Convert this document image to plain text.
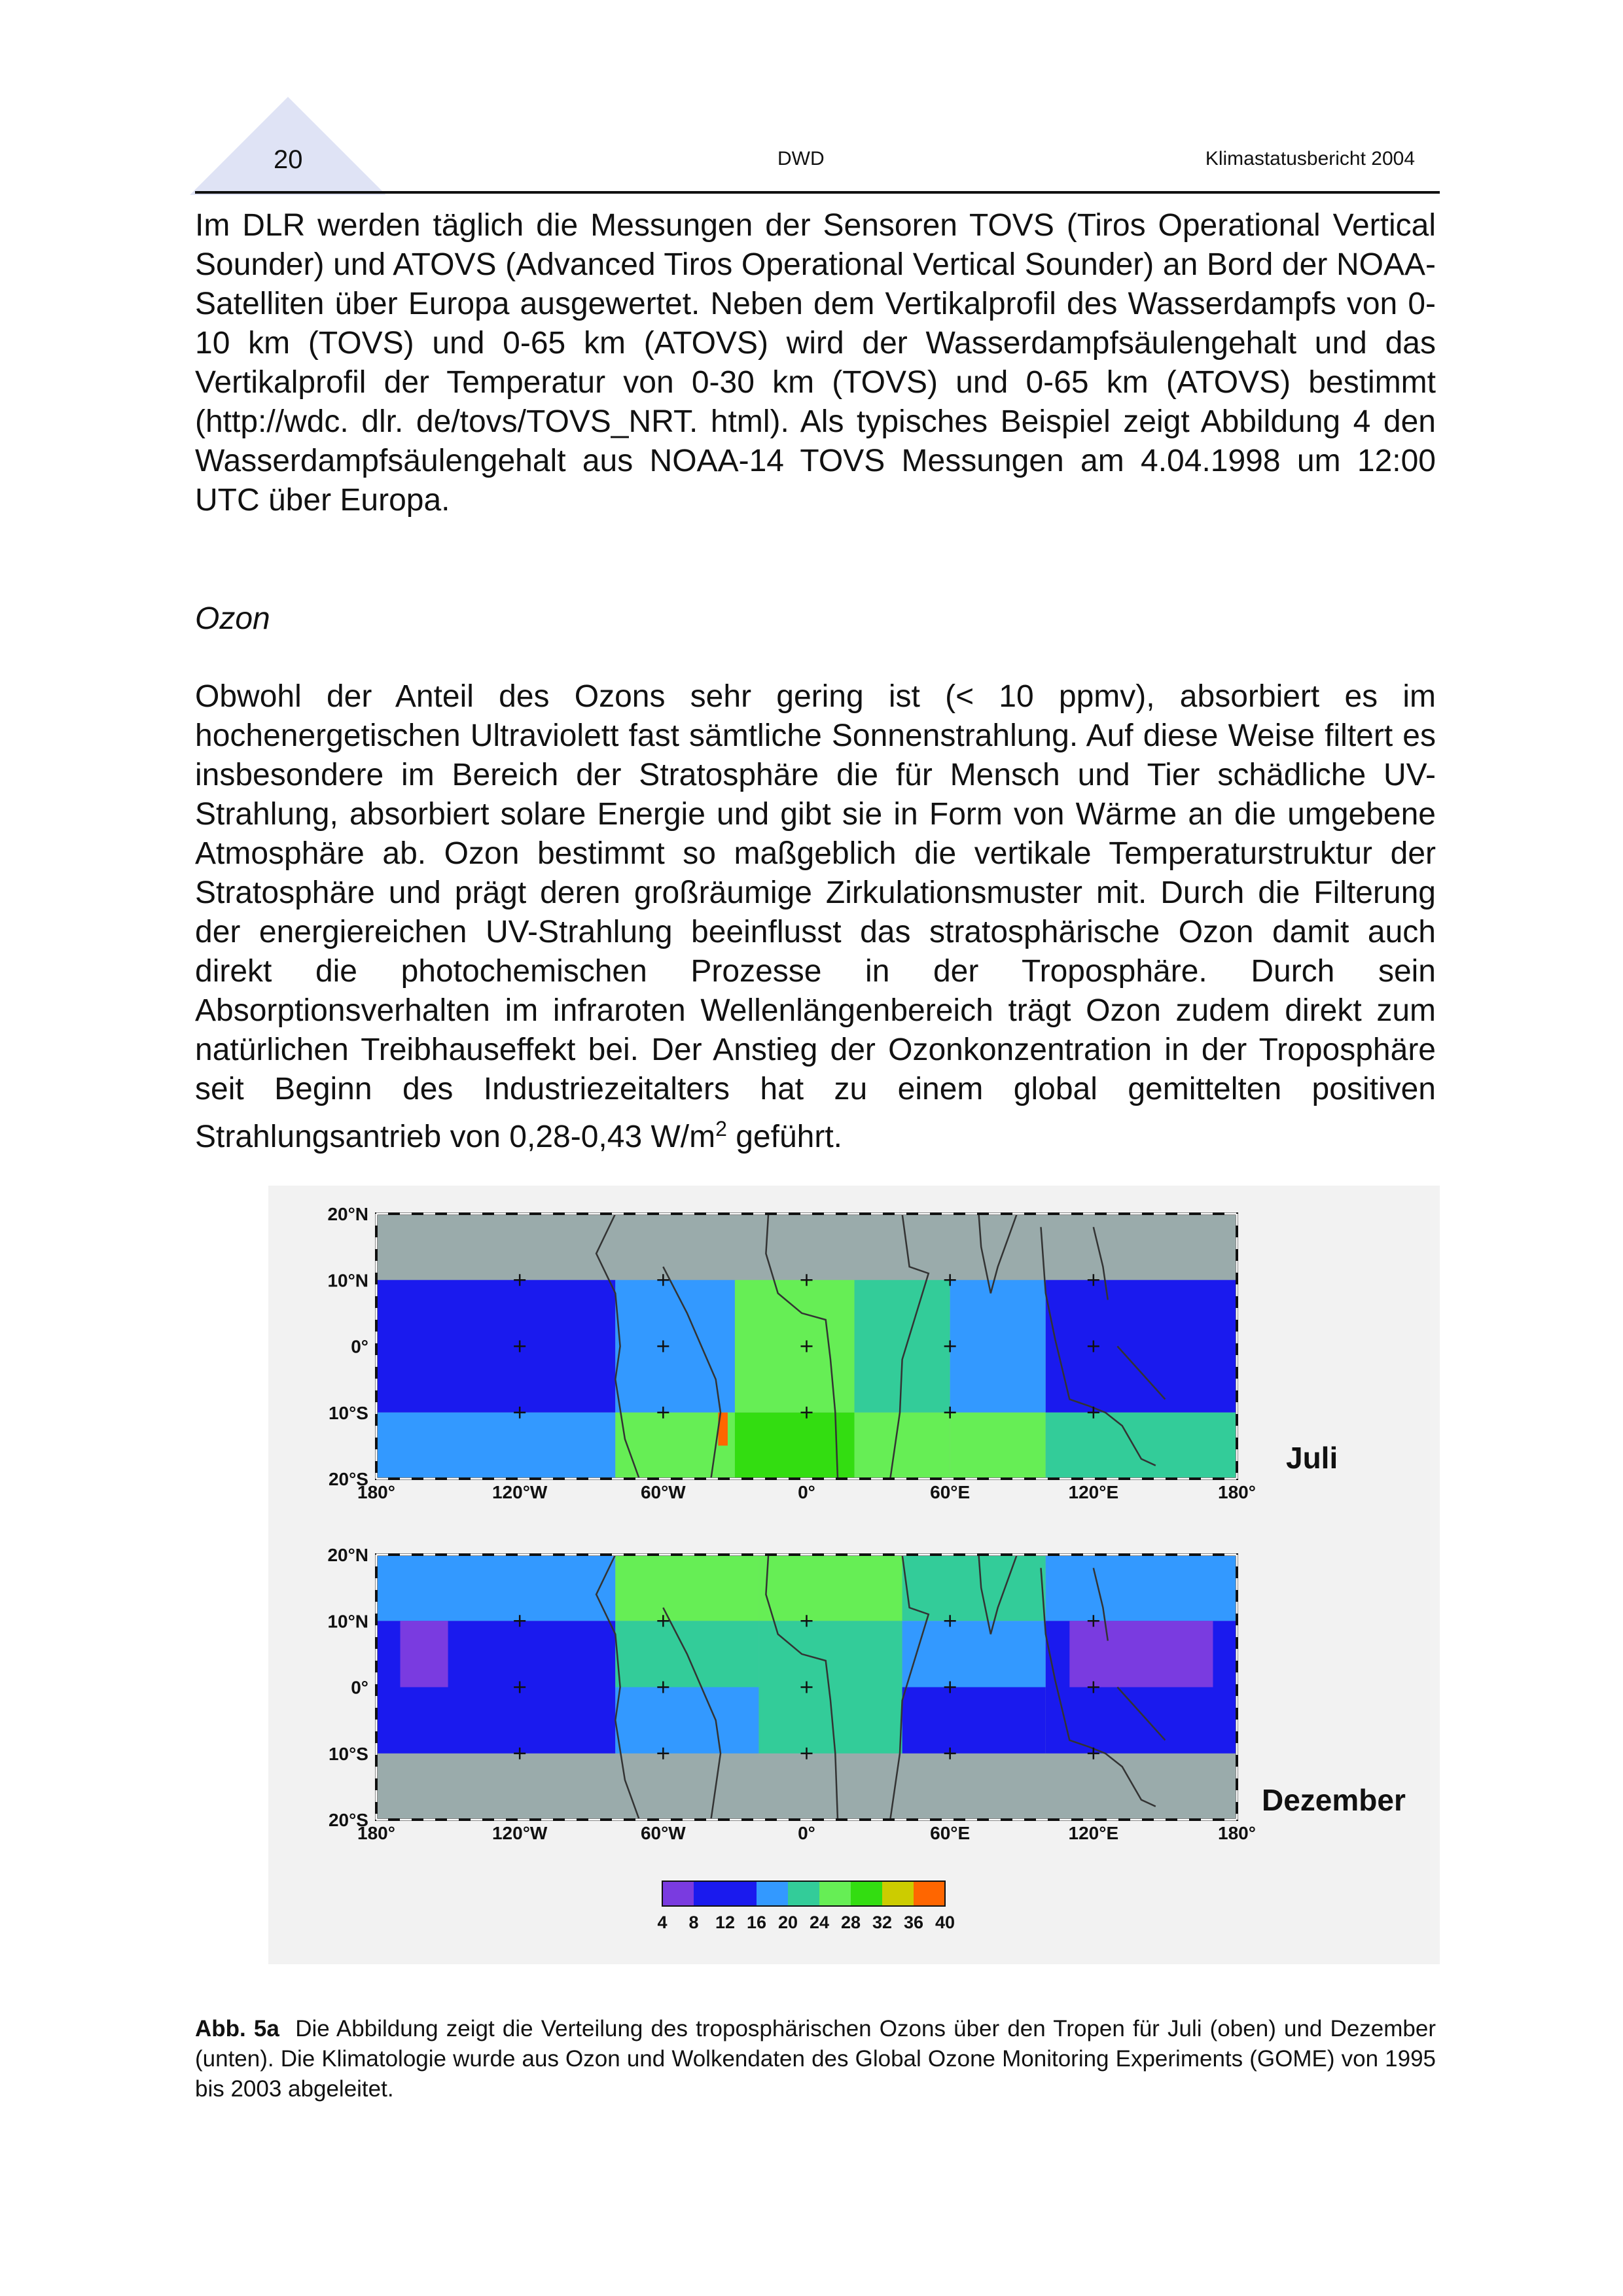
20	DWD	Klimastatusbericht 2004

Im DLR werden täglich die Messungen der Sensoren TOVS (Tiros Operational Vertical Sounder) und ATOVS (Advanced Tiros Operational Vertical Sounder) an Bord der NOAA-Satelliten über Europa ausgewertet. Neben dem Vertikalprofil des Wasserdampfs von 0-10 km (TOVS) und 0-65 km (ATOVS) wird der Wasserdampfsäulengehalt und das Vertikalprofil der Temperatur von 0-30 km (TOVS) und 0-65 km (ATOVS) bestimmt (http://wdc. dlr. de/tovs/TOVS_NRT. html). Als typisches Beispiel zeigt Abbildung 4 den Wasserdampfsäulengehalt aus NOAA-14 TOVS Messungen am 4.04.1998 um 12:00 UTC über Europa.

Ozon

Obwohl der Anteil des Ozons sehr gering ist (< 10 ppmv), absorbiert es im hochenergetischen Ultraviolett fast sämtliche Sonnenstrahlung. Auf diese Weise filtert es insbesondere im Bereich der Stratosphäre die für Mensch und Tier schädliche UV-Strahlung, absorbiert solare Energie und gibt sie in Form von Wärme an die umgebene Atmosphäre ab. Ozon bestimmt so maßgeblich die vertikale Temperaturstruktur der Stratosphäre und prägt deren großräumige Zirkulationsmuster mit. Durch die Filterung der energiereichen UV-Strahlung beeinflusst das stratosphärische Ozon damit auch direkt die photochemischen Prozesse in der Troposphäre. Durch sein Absorptionsverhalten im infraroten Wellenlängenbereich trägt Ozon zudem direkt zum natürlichen Treibhauseffekt bei. Der Anstieg der Ozonkonzentration in der Troposphäre seit Beginn des Industriezeitalters hat zu einem global gemittelten positiven Strahlungsantrieb von 0,28-0,43 $W/m^2$ geführt.

20°N
10°N
0°
10°S
20°S
180°	120°W	60°W	0°	60°E	120°E	180°
20°N
10°N
0°
10°S
20°S
180°	120°W	60°W	0°	60°E	120°E	180°
Juli
Dezember
4 8 12 16 20 24 28 32 36 40

Abb. 5a Die Abbildung zeigt die Verteilung des troposphärischen Ozons über den Tropen für Juli (oben) und Dezember (unten). Die Klimatologie wurde aus Ozon und Wolkendaten des Global Ozone Monitoring Experiments (GOME) von 1995 bis 2003 abgeleitet.
